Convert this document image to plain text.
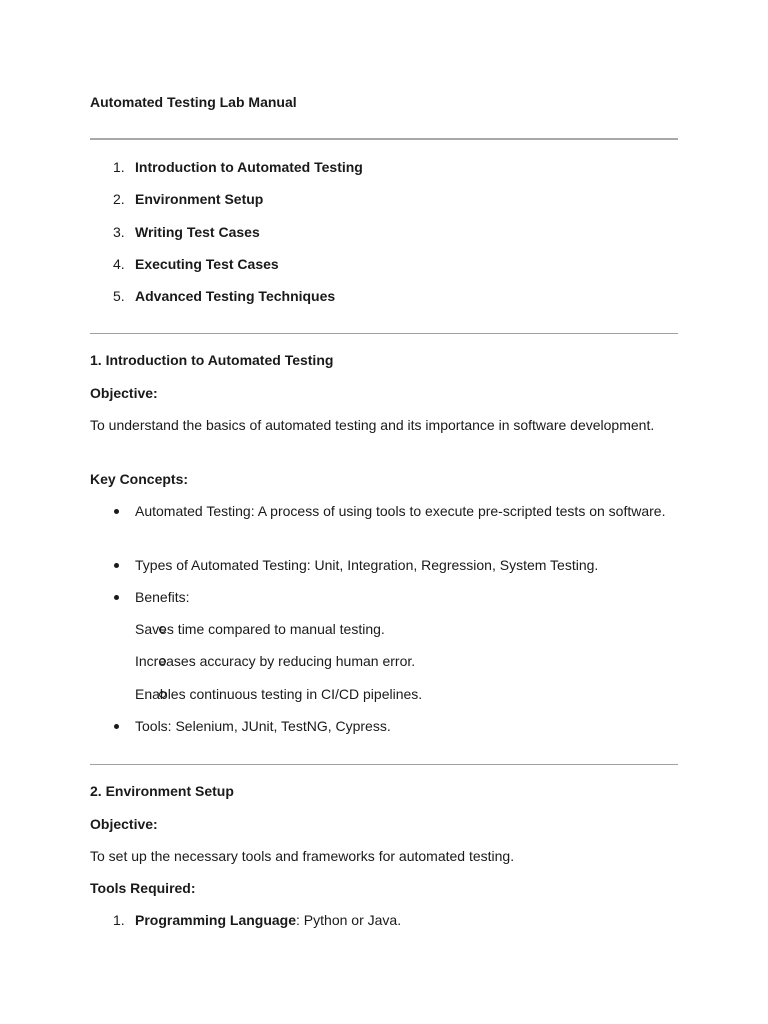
Automated Testing Lab Manual

1. Introduction to Automated Testing
2. Environment Setup
3. Writing Test Cases
4. Executing Test Cases
5. Advanced Testing Techniques

1. Introduction to Automated Testing

Objective:

To understand the basics of automated testing and its importance in software development.

Key Concepts:

Automated Testing: A process of using tools to execute pre-scripted tests on software.
Types of Automated Testing: Unit, Integration, Regression, System Testing.
Benefits:
Saves time compared to manual testing.
Increases accuracy by reducing human error.
Enables continuous testing in CI/CD pipelines.
Tools: Selenium, JUnit, TestNG, Cypress.

2. Environment Setup

Objective:

To set up the necessary tools and frameworks for automated testing.

Tools Required:

1. Programming Language: Python or Java.
